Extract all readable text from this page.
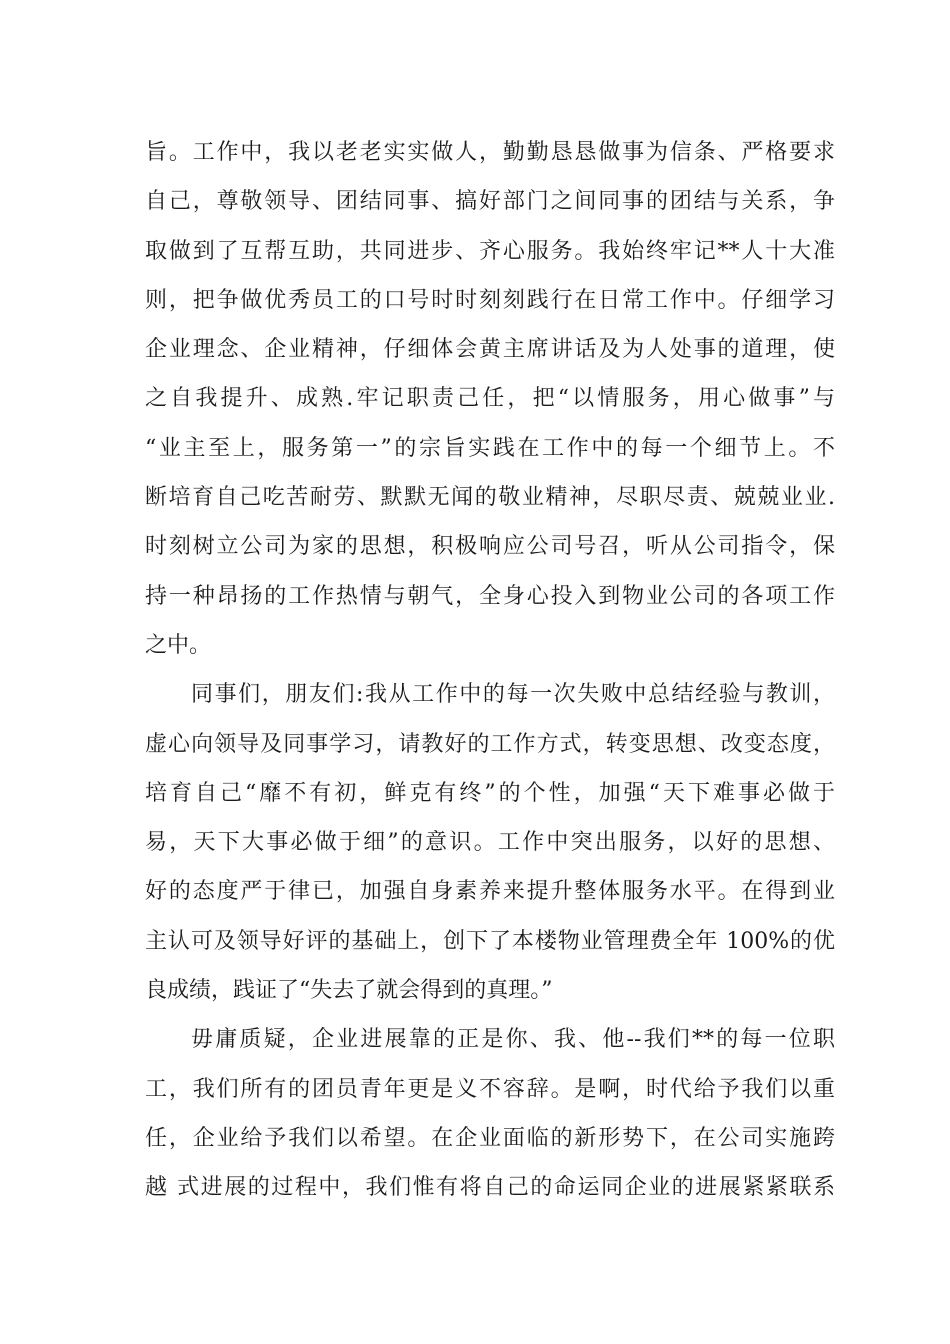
旨。工作中，我以老老实实做人，勤勤恳恳做事为信条、严格要求
自己，尊敬领导、团结同事、搞好部门之间同事的团结与关系，争
取做到了互帮互助，共同进步、齐心服务。我始终牢记**人十大准
则，把争做优秀员工的口号时时刻刻践行在日常工作中。仔细学习
企业理念、企业精神，仔细体会黄主席讲话及为人处事的道理，使
之自我提升、成熟.牢记职责己任，把“以情服务，用心做事”与
“业主至上，服务第一”的宗旨实践在工作中的每一个细节上。不
断培育自己吃苦耐劳、默默无闻的敬业精神，尽职尽责、兢兢业业.
时刻树立公司为家的思想，积极响应公司号召，听从公司指令，保
持一种昂扬的工作热情与朝气，全身心投入到物业公司的各项工作
之中。
同事们，朋友们:我从工作中的每一次失败中总结经验与教训，
虚心向领导及同事学习，请教好的工作方式，转变思想、改变态度，
培育自己“靡不有初，鲜克有终”的个性，加强“天下难事必做于
易，天下大事必做于细”的意识。工作中突出服务，以好的思想、
好的态度严于律已，加强自身素养来提升整体服务水平。在得到业
主认可及领导好评的基础上，创下了本楼物业管理费全年 100%的优
良成绩，践证了“失去了就会得到的真理。”
毋庸质疑，企业进展靠的正是你、我、他--我们**的每一位职
工，我们所有的团员青年更是义不容辞。是啊，时代给予我们以重
任，企业给予我们以希望。在企业面临的新形势下，在公司实施跨
越 式进展的过程中，我们惟有将自己的命运同企业的进展紧紧联系
